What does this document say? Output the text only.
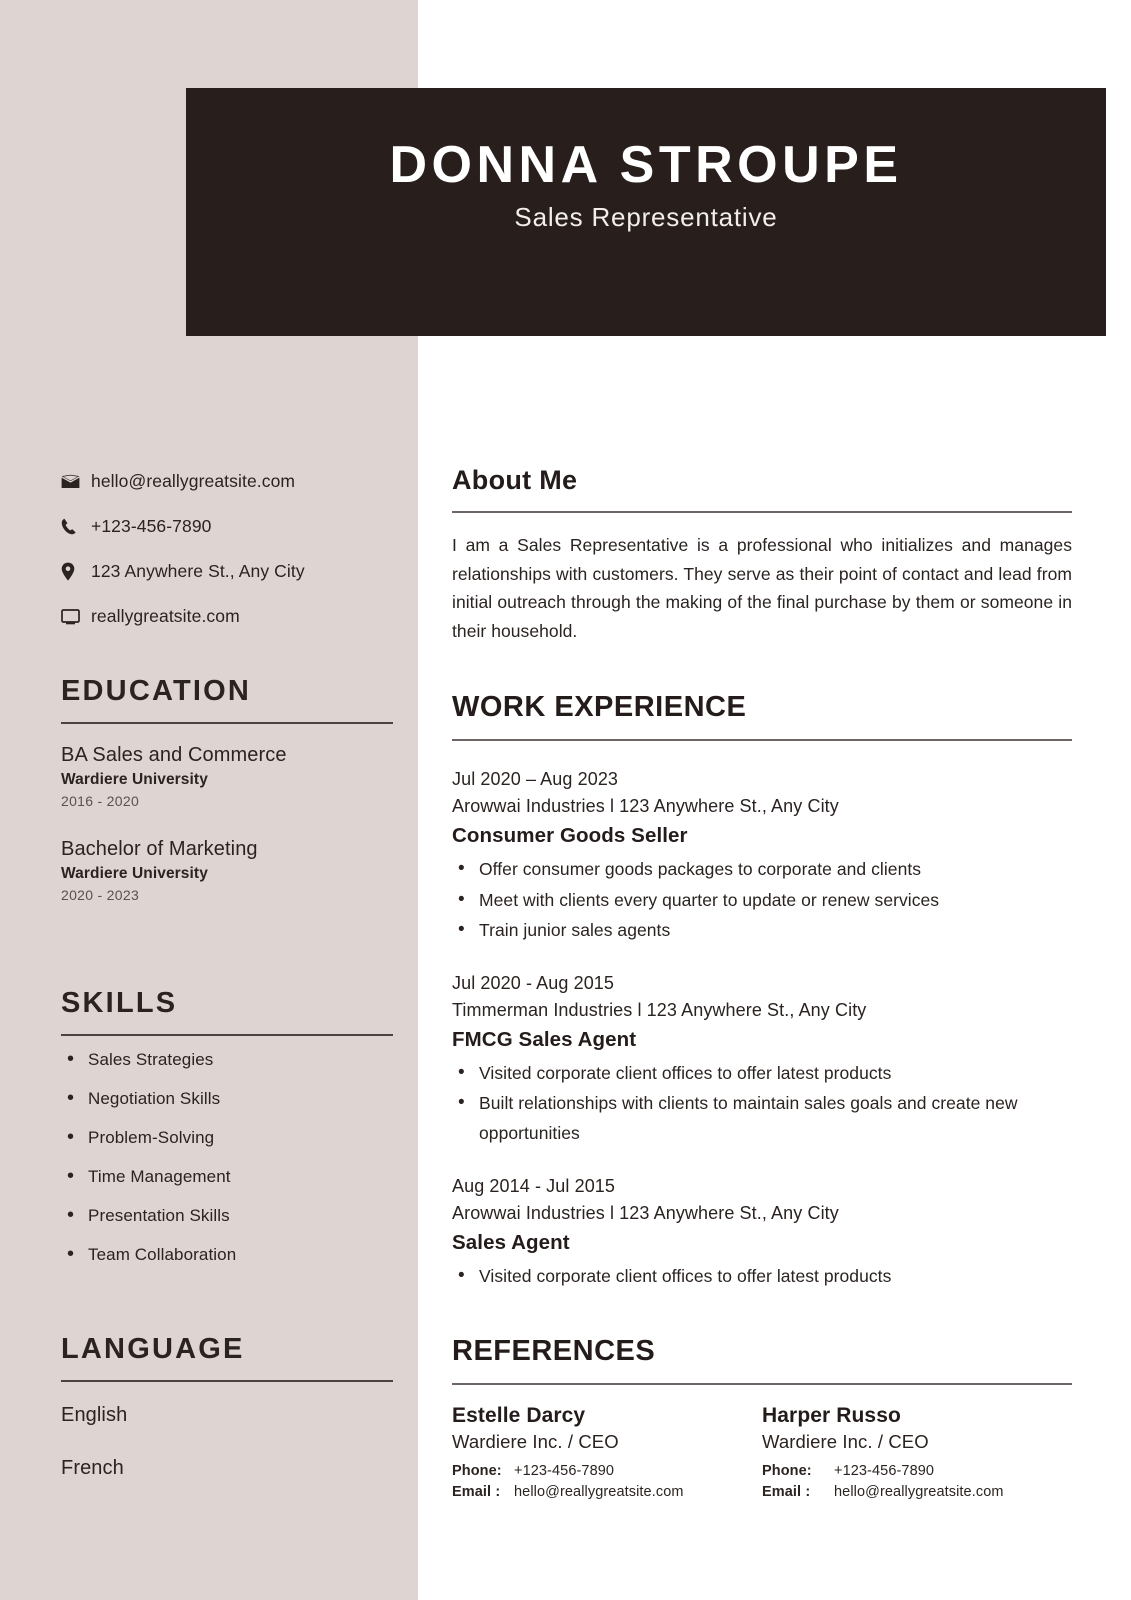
DONNA STROUPE
Sales Representative
hello@reallygreatsite.com
+123-456-7890
123 Anywhere St., Any City
reallygreatsite.com
EDUCATION
BA Sales and Commerce
Wardiere University
2016 - 2020
Bachelor of Marketing
Wardiere University
2020 - 2023
SKILLS
• Sales Strategies
• Negotiation Skills
• Problem-Solving
• Time Management
• Presentation Skills
• Team Collaboration
LANGUAGE
English
French
About Me
I am a Sales Representative is a professional who initializes and manages relationships with customers. They serve as their point of contact and lead from initial outreach through the making of the final purchase by them or someone in their household.
WORK EXPERIENCE
Jul 2020 – Aug 2023
Arowwai Industries l 123 Anywhere St., Any City
Consumer Goods Seller
• Offer consumer goods packages to corporate and clients
• Meet with clients every quarter to update or renew services
• Train junior sales agents
Jul 2020 - Aug 2015
Timmerman Industries l 123 Anywhere St., Any City
FMCG Sales Agent
• Visited corporate client offices to offer latest products
• Built relationships with clients to maintain sales goals and create new opportunities
Aug 2014 - Jul 2015
Arowwai Industries l 123 Anywhere St., Any City
Sales Agent
• Visited corporate client offices to offer latest products
REFERENCES
Estelle Darcy
Wardiere Inc. / CEO
Phone: +123-456-7890
Email : hello@reallygreatsite.com
Harper Russo
Wardiere Inc. / CEO
Phone:	+123-456-7890
Email :	hello@reallygreatsite.com
